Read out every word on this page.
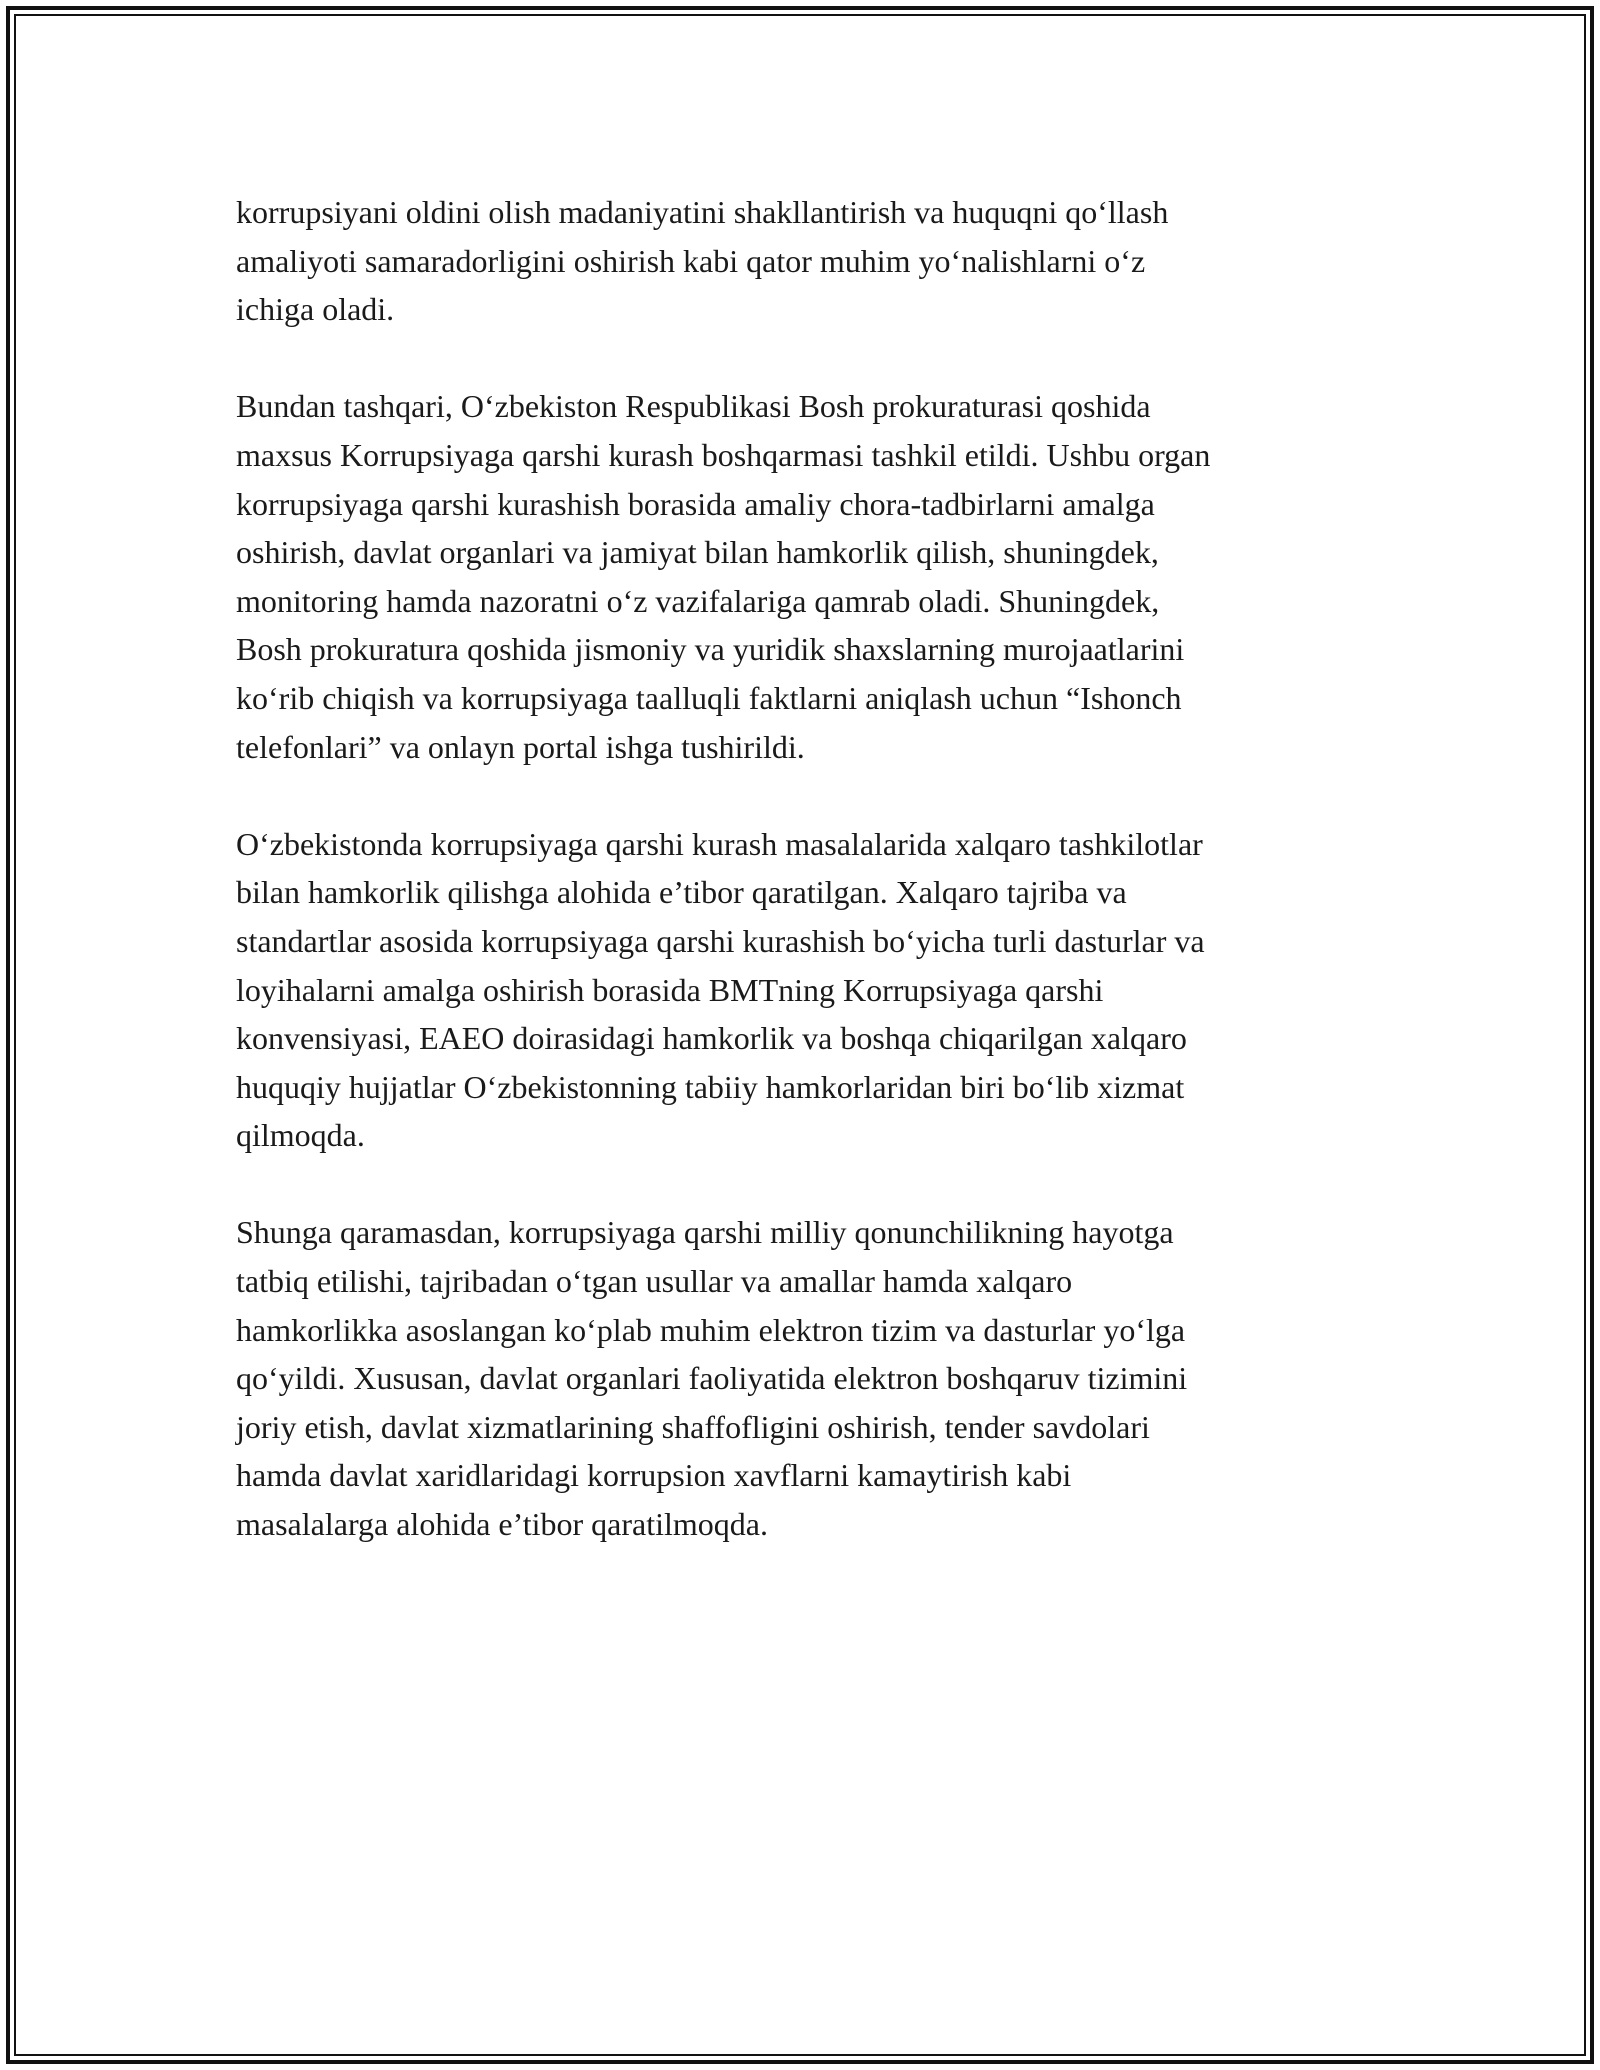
korrupsiyani oldini olish madaniyatini shakllantirish va huquqni qo‘llash
amaliyoti samaradorligini oshirish kabi qator muhim yo‘nalishlarni o‘z
ichiga oladi.

Bundan tashqari, O‘zbekiston Respublikasi Bosh prokuraturasi qoshida
maxsus Korrupsiyaga qarshi kurash boshqarmasi tashkil etildi. Ushbu organ
korrupsiyaga qarshi kurashish borasida amaliy chora-tadbirlarni amalga
oshirish, davlat organlari va jamiyat bilan hamkorlik qilish, shuningdek,
monitoring hamda nazoratni o‘z vazifalariga qamrab oladi. Shuningdek,
Bosh prokuratura qoshida jismoniy va yuridik shaxslarning murojaatlarini
ko‘rib chiqish va korrupsiyaga taalluqli faktlarni aniqlash uchun “Ishonch
telefonlari” va onlayn portal ishga tushirildi.

O‘zbekistonda korrupsiyaga qarshi kurash masalalarida xalqaro tashkilotlar
bilan hamkorlik qilishga alohida e’tibor qaratilgan. Xalqaro tajriba va
standartlar asosida korrupsiyaga qarshi kurashish bo‘yicha turli dasturlar va
loyihalarni amalga oshirish borasida BMTning Korrupsiyaga qarshi
konvensiyasi, EAEO doirasidagi hamkorlik va boshqa chiqarilgan xalqaro
huquqiy hujjatlar O‘zbekistonning tabiiy hamkorlaridan biri bo‘lib xizmat
qilmoqda.

Shunga qaramasdan, korrupsiyaga qarshi milliy qonunchilikning hayotga
tatbiq etilishi, tajribadan o‘tgan usullar va amallar hamda xalqaro
hamkorlikka asoslangan ko‘plab muhim elektron tizim va dasturlar yo‘lga
qo‘yildi. Xususan, davlat organlari faoliyatida elektron boshqaruv tizimini
joriy etish, davlat xizmatlarining shaffofligini oshirish, tender savdolari
hamda davlat xaridlaridagi korrupsion xavflarni kamaytirish kabi
masalalarga alohida e’tibor qaratilmoqda.
